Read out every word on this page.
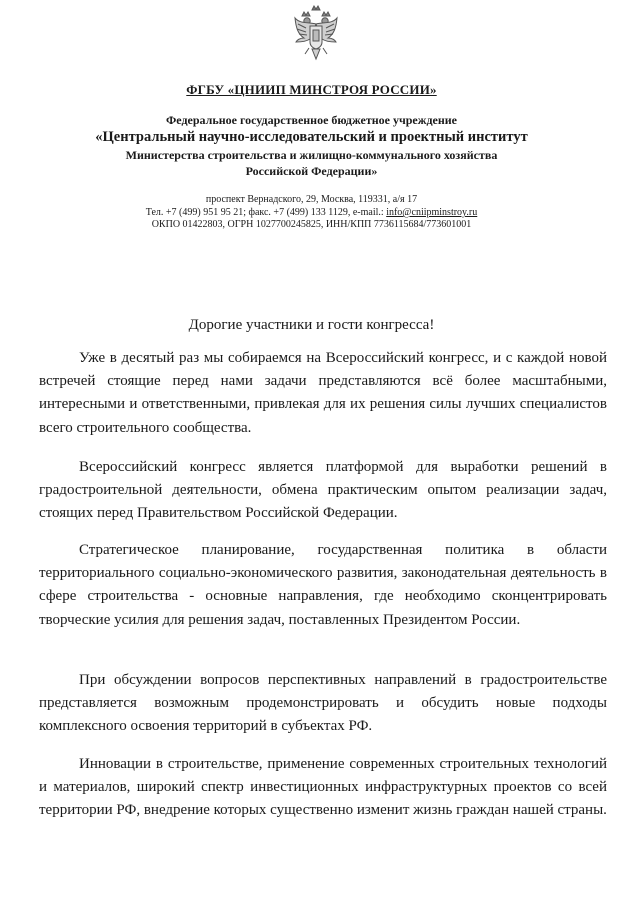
ФГБУ «ЦНИИП МИНСТРОЯ РОССИИ»
Федеральное государственное бюджетное учреждение
«Центральный научно-исследовательский и проектный институт
Министерства строительства и жилищно-коммунального хозяйства
Российской Федерации»
проспект Вернадского, 29, Москва, 119331, а/я 17
Тел. +7 (499) 951 95 21; факс. +7 (499) 133 1129, e-mail.: info@cniipminstroy.ru
ОКПО 01422803, ОГРН 1027700245825, ИНН/КПП 7736115684/773601001
Дорогие участники и гости конгресса!

Уже в десятый раз мы собираемся на Всероссийский конгресс, и с каждой новой встречей стоящие перед нами задачи представляются всё более масштабными, интересными и ответственными, привлекая для их решения силы лучших специалистов всего строительного сообщества.

Всероссийский конгресс является платформой для выработки решений в градостроительной деятельности, обмена практическим опытом реализации задач, стоящих перед Правительством Российской Федерации.

Стратегическое планирование, государственная политика в области территориального социально-экономического развития, законодательная деятельность в сфере строительства - основные направления, где необходимо сконцентрировать творческие усилия для решения задач, поставленных Президентом России.

При обсуждении вопросов перспективных направлений в градостроительстве представляется возможным продемонстрировать и обсудить новые подходы комплексного освоения территорий в субъектах РФ.

Инновации в строительстве, применение современных строительных технологий и материалов, широкий спектр инвестиционных инфраструктурных проектов со всей территории РФ, внедрение которых существенно изменит жизнь граждан нашей страны.
